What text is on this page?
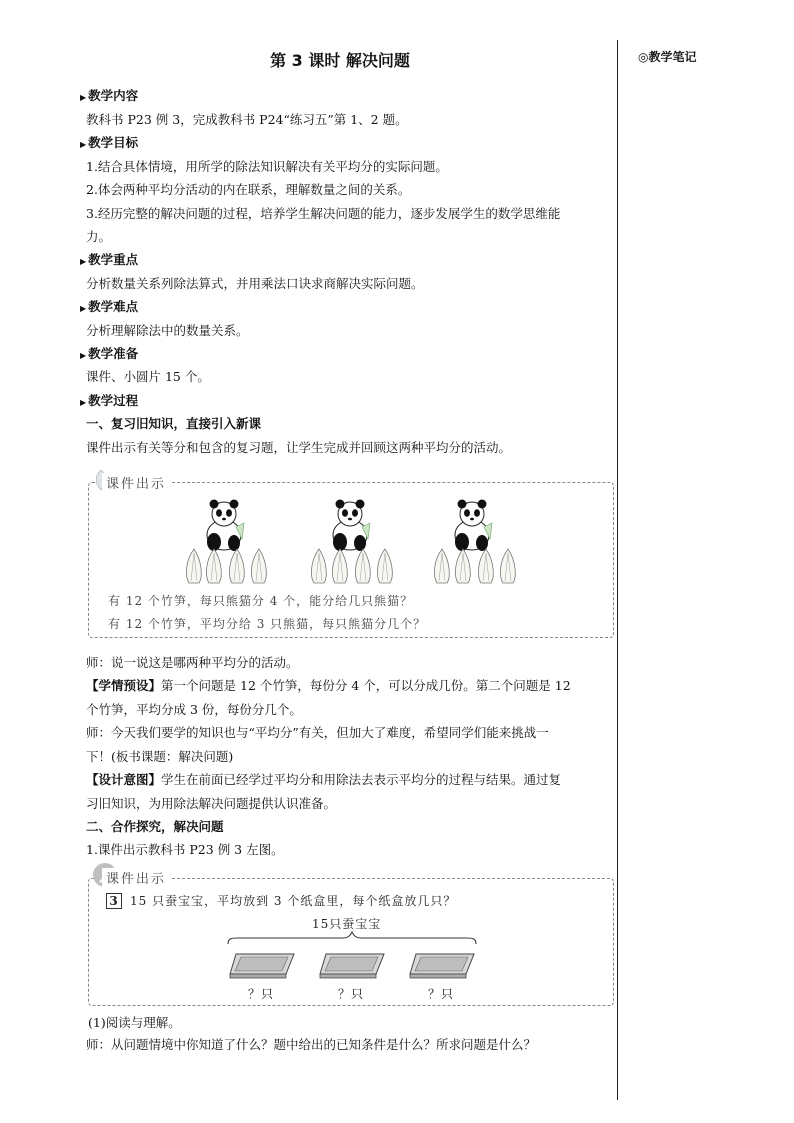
第 3 课时 解决问题	◎教学笔记
▶ 教学内容
教科书 P23 例 3，完成教科书 P24“练习五”第 1、2 题。
▶ 教学目标
1.结合具体情境，用所学的除法知识解决有关平均分的实际问题。
2.体会两种平均分活动的内在联系，理解数量之间的关系。
3.经历完整的解决问题的过程，培养学生解决问题的能力，逐步发展学生的数学思维能
力。
▶ 教学重点
分析数量关系列除法算式，并用乘法口诀求商解决实际问题。
▶ 教学难点
分析理解除法中的数量关系。
▶ 教学准备
课件、小圆片 15 个。
▶ 教学过程
一、复习旧知识，直接引入新课
课件出示有关等分和包含的复习题，让学生完成并回顾这两种平均分的活动。
课件出示
有 12 个竹笋，每只熊猫分 4 个，能分给几只熊猫？
有 12 个竹笋，平均分给 3 只熊猫，每只熊猫分几个？
师：说一说这是哪两种平均分的活动。
【学情预设】第一个问题是 12 个竹笋，每份分 4 个，可以分成几份。第二个问题是 12
个竹笋，平均分成 3 份，每份分几个。
师：今天我们要学的知识也与“平均分”有关，但加大了难度，希望同学们能来挑战一
下！(板书课题：解决问题)
【设计意图】学生在前面已经学过平均分和用除法去表示平均分的过程与结果。通过复
习旧知识，为用除法解决问题提供认识准备。
二、合作探究，解决问题
1.课件出示教科书 P23 例 3 左图。
课件出示
3 15 只蚕宝宝，平均放到 3 个纸盒里，每个纸盒放几只？
15只蚕宝宝
？只	？只	？只
(1)阅读与理解。
师：从问题情境中你知道了什么？题中给出的已知条件是什么？所求问题是什么？
